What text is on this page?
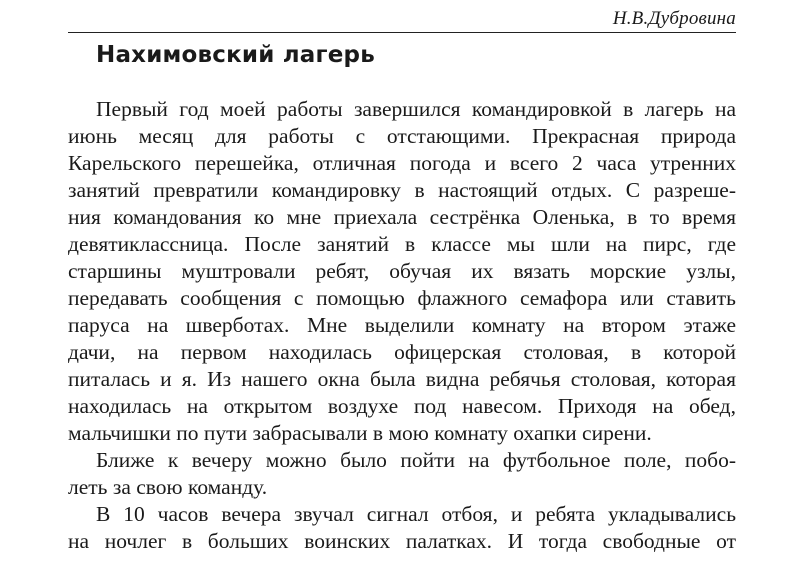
Н.В.Дубровина
Нахимовский лагерь
Первый год моей работы завершился командировкой в лагерь на
июнь месяц для работы с отстающими. Прекрасная природа
Карельского перешейка, отличная погода и всего 2 часа утренних
занятий превратили командировку в настоящий отдых. С разреше-
ния командования ко мне приехала сестрёнка Оленька, в то время
девятиклассница. После занятий в классе мы шли на пирс, где
старшины муштровали ребят, обучая их вязать морские узлы,
передавать сообщения с помощью флажного семафора или ставить
паруса на шверботах. Мне выделили комнату на втором этаже
дачи, на первом находилась офицерская столовая, в которой
питалась и я. Из нашего окна была видна ребячья столовая, которая
находилась на открытом воздухе под навесом. Приходя на обед,
мальчишки по пути забрасывали в мою комнату охапки сирени.
Ближе к вечеру можно было пойти на футбольное поле, побо-
леть за свою команду.
В 10 часов вечера звучал сигнал отбоя, и ребята укладывались
на ночлег в больших воинских палатках. И тогда свободные от
